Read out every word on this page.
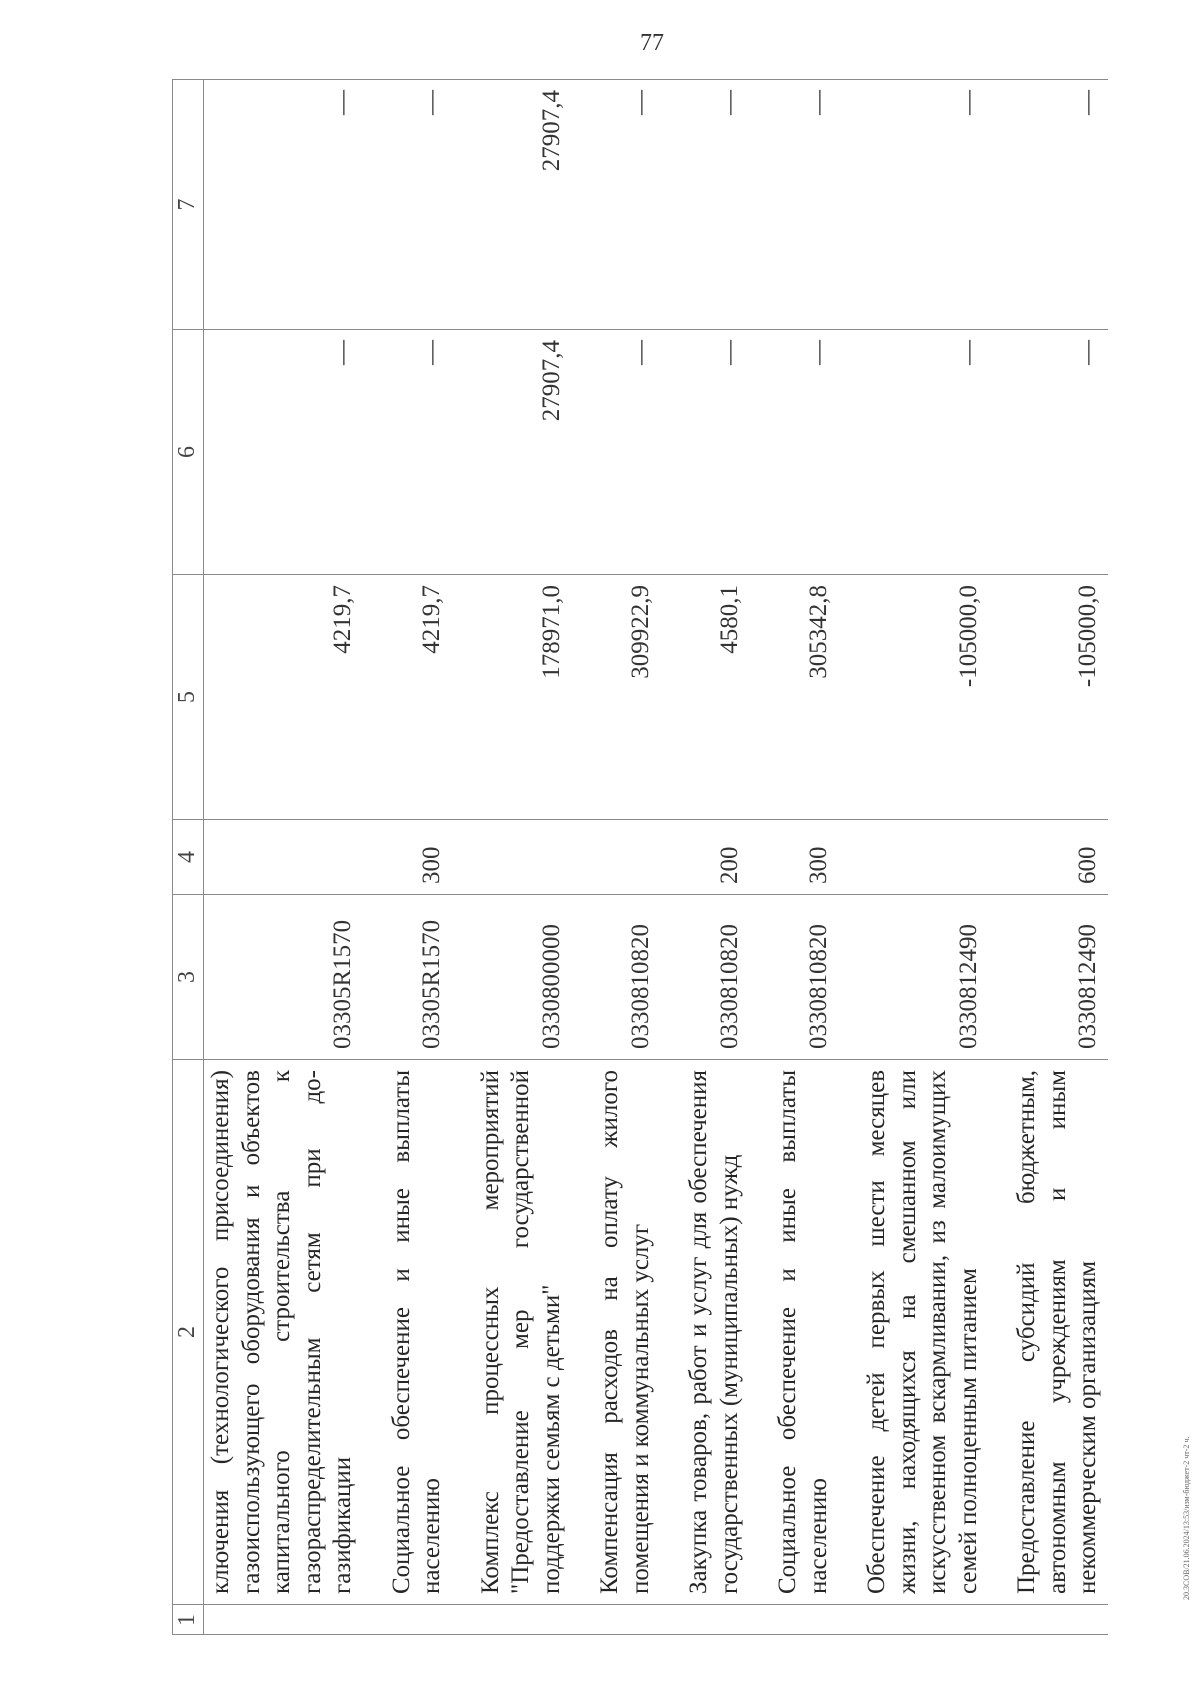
77
1	2	3	4	5	6	7
	ключения (технологического присоединения) газоиспользующего оборудования и объектов капитального строительства к газораспределительным сетям при догазификации	03305R1570		4219,7	—	—
	Социальное обеспечение и иные выплаты населению	03305R1570	300	4219,7	—	—
	Комплекс процессных мероприятий "Предоставление мер государственной поддержки семьям с детьми"	0330800000		178971,0	27907,4	27907,4
	Компенсация расходов на оплату жилого помещения и коммунальных услуг	0330810820		309922,9	—	—
	Закупка товаров, работ и услуг для обеспечения государственных (муниципальных) нужд	0330810820	200	4580,1	—	—
	Социальное обеспечение и иные выплаты населению	0330810820	300	305342,8	—	—
	Обеспечение детей первых шести месяцев жизни, находящихся на смешанном или искусственном вскармливании, из малоимущих семей полноценным питанием	0330812490		-105000,0	—	—
	Предоставление субсидий бюджетным, автономным учреждениям и иным некоммерческим организациям	0330812490	600	-105000,0	—	—
20.3СОВ/21.06.2024/13:53/изм-бюджет-2 чт-2 ч.
